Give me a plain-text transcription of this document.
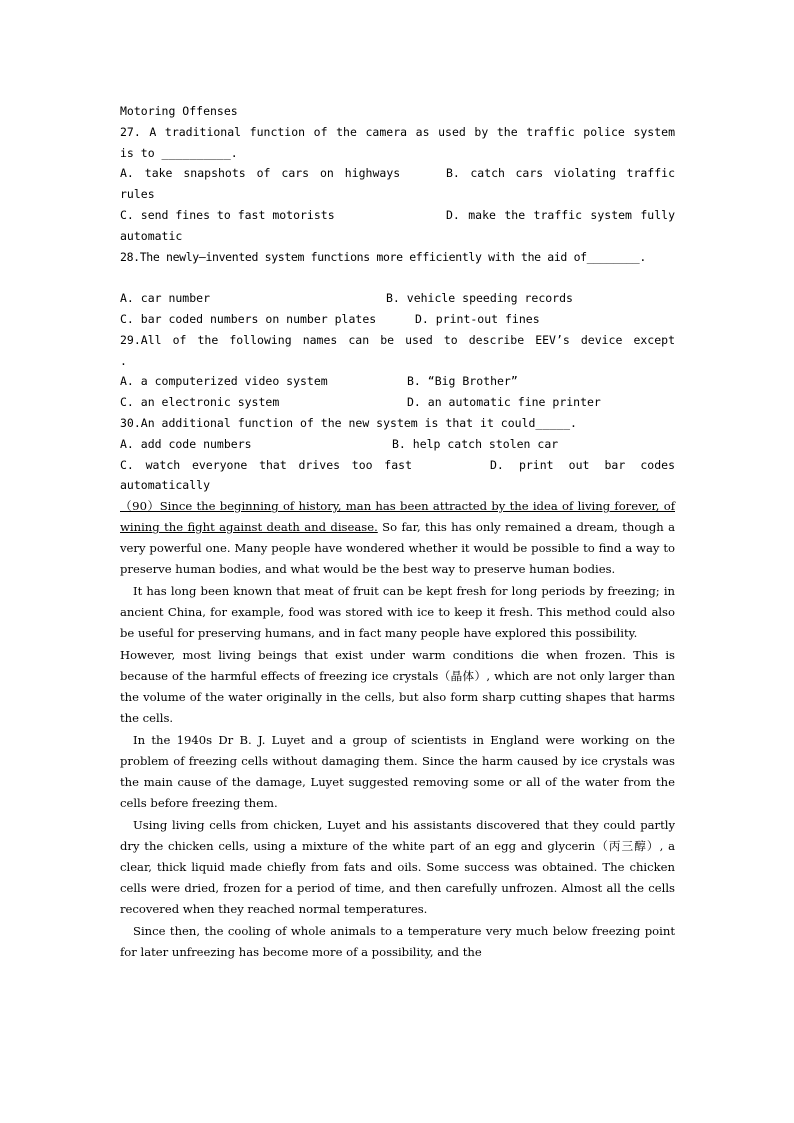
Motoring Offenses
27. A traditional function of the camera as used by the traffic police system
is to __________.
A. take snapshots of cars on highways	B. catch cars violating traffic
rules
C. send fines to fast motorists	D. make the traffic system fully
automatic
28.The newly—invented system functions more efficiently with the aid of________.
A. car number	B. vehicle speeding records
C. bar coded numbers on number plates	D. print-out fines
29.All of the following names can be used to describe EEV’s device except
.
A. a computerized video system	B. “Big Brother”
C. an electronic system	D. an automatic fine printer
30.An additional function of the new system is that it could_____.
A. add code numbers	B. help catch stolen car
C. watch everyone that drives too fast	D. print out bar codes
automatically

（90）Since the beginning of history, man has been attracted by the idea of living forever, of wining the fight against death and disease. So far, this has only remained a dream, though a very powerful one. Many people have wondered whether it would be possible to find a way to preserve human bodies, and what would be the best way to preserve human bodies.

It has long been known that meat of fruit can be kept fresh for long periods by freezing; in ancient China, for example, food was stored with ice to keep it fresh. This method could also be useful for preserving humans, and in fact many people have explored this possibility.

However, most living beings that exist under warm conditions die when frozen. This is because of the harmful effects of freezing ice crystals（晶体）, which are not only larger than the volume of the water originally in the cells, but also form sharp cutting shapes that harms the cells.

In the 1940s Dr B. J. Luyet and a group of scientists in England were working on the problem of freezing cells without damaging them. Since the harm caused by ice crystals was the main cause of the damage, Luyet suggested removing some or all of the water from the cells before freezing them.

Using living cells from chicken, Luyet and his assistants discovered that they could partly dry the chicken cells, using a mixture of the white part of an egg and glycerin（丙三醇）, a clear, thick liquid made chiefly from fats and oils. Some success was obtained. The chicken cells were dried, frozen for a period of time, and then carefully unfrozen. Almost all the cells recovered when they reached normal temperatures.

Since then, the cooling of whole animals to a temperature very much below freezing point for later unfreezing has become more of a possibility, and the
